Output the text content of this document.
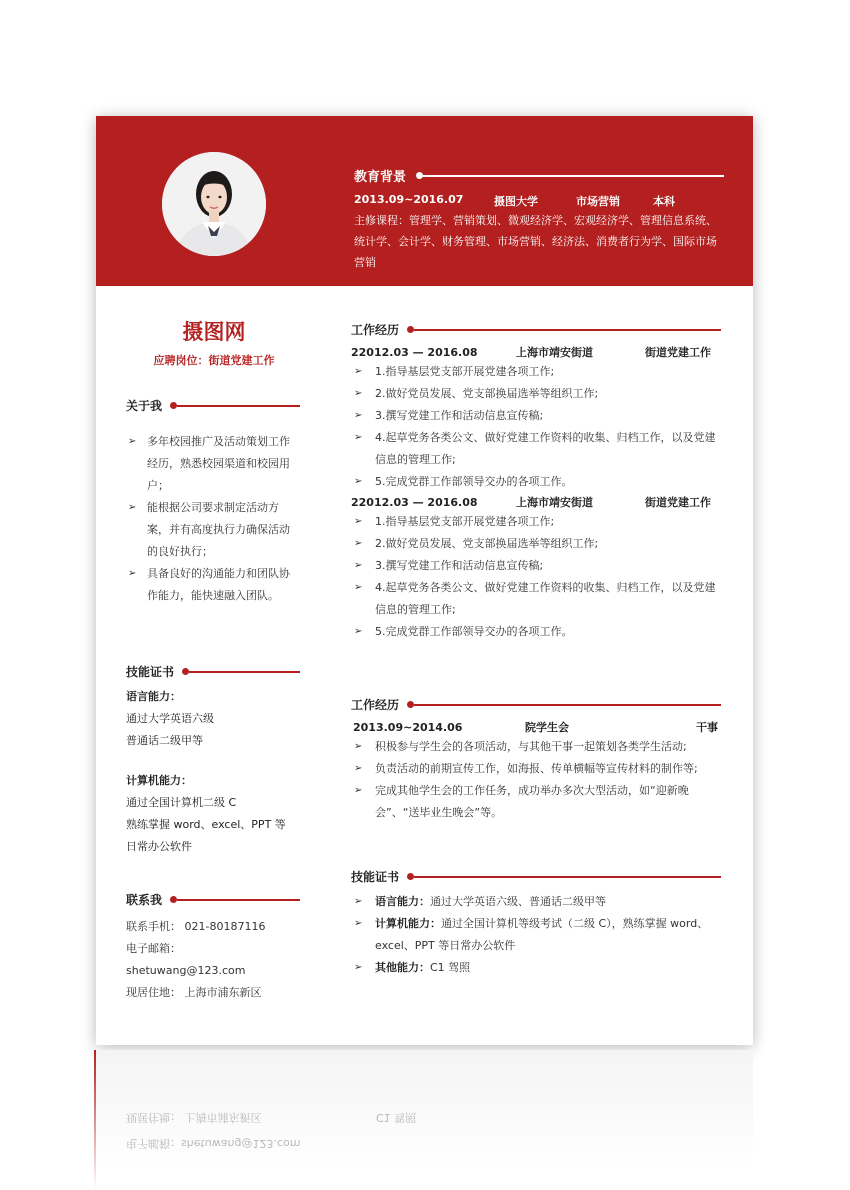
教育背景
2013.09~2016.07	摄图大学	市场营销	本科
主修课程：管理学、营销策划、微观经济学、宏观经济学、管理信息系统、统计学、会计学、财务管理、市场营销、经济法、消费者行为学、国际市场营销
摄图网
应聘岗位：街道党建工作
关于我
➢ 多年校园推广及活动策划工作经历，熟悉校园渠道和校园用户；
➢ 能根据公司要求制定活动方案，并有高度执行力确保活动的良好执行；
➢ 具备良好的沟通能力和团队协作能力，能快速融入团队。
技能证书
语言能力：
通过大学英语六级
普通话二级甲等
计算机能力：
通过全国计算机二级 C
熟练掌握 word、excel、PPT 等
日常办公软件
联系我
联系手机： 021-80187116
电子邮箱：shetuwang@123.com
现居住地： 上海市浦东新区
工作经历
22012.03 — 2016.08	上海市靖安街道	街道党建工作
➢ 1.指导基层党支部开展党建各项工作;
➢ 2.做好党员发展、党支部换届选举等组织工作;
➢ 3.撰写党建工作和活动信息宣传稿;
➢ 4.起草党务各类公文、做好党建工作资料的收集、归档工作，以及党建信息的管理工作;
➢ 5.完成党群工作部领导交办的各项工作。
22012.03 — 2016.08	上海市靖安街道	街道党建工作
➢ 1.指导基层党支部开展党建各项工作;
➢ 2.做好党员发展、党支部换届选举等组织工作;
➢ 3.撰写党建工作和活动信息宣传稿;
➢ 4.起草党务各类公文、做好党建工作资料的收集、归档工作，以及党建信息的管理工作;
➢ 5.完成党群工作部领导交办的各项工作。
工作经历
2013.09~2014.06	院学生会	干事
➢ 积极参与学生会的各项活动，与其他干事一起策划各类学生活动;
➢ 负责活动的前期宣传工作，如海报、传单横幅等宣传材料的制作等;
➢ 完成其他学生会的工作任务，成功举办多次大型活动，如“迎新晚会”、“送毕业生晚会”等。
技能证书
➢ 语言能力：通过大学英语六级、普通话二级甲等
➢ 计算机能力：通过全国计算机等级考试（二级 C），熟练掌握 word、excel、PPT 等日常办公软件
➢ 其他能力：C1 驾照
现居住地： 上海市浦东新区
电子邮箱：shetuwang@123.com
C1 驾照
